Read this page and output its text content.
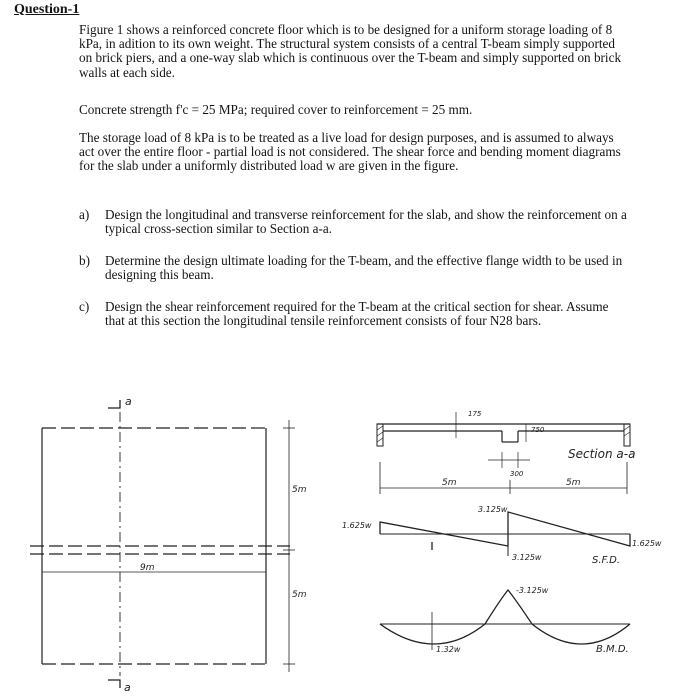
Question-1
Figure 1 shows a reinforced concrete floor which is to be designed for a uniform storage loading of 8 kPa, in adition to its own weight. The structural system consists of a central T-beam simply supported on brick piers, and a one-way slab which is continuous over the T-beam and simply supported on brick walls at each side.
Concrete strength f'c = 25 MPa; required cover to reinforcement = 25 mm.
The storage load of 8 kPa is to be treated as a live load for design purposes, and is assumed to always act over the entire floor - partial load is not considered. The shear force and bending moment diagrams for the slab under a uniformly distributed load w are given in the figure.
a) Design the longitudinal and transverse reinforcement for the slab, and show the reinforcement on a typical cross-section similar to Section a-a.
b) Determine the design ultimate loading for the T-beam, and the effective flange width to be used in designing this beam.
c) Design the shear reinforcement required for the T-beam at the critical section for shear. Assume that at this section the longitudinal tensile reinforcement consists of four N28 bars.
a
a
5m
5m
9m
175
750
300
5m	5m
Section a-a
1.625w
3.125w
3.125w
1.625w
S.F.D.
-3.125w
1.32w	B.M.D.
